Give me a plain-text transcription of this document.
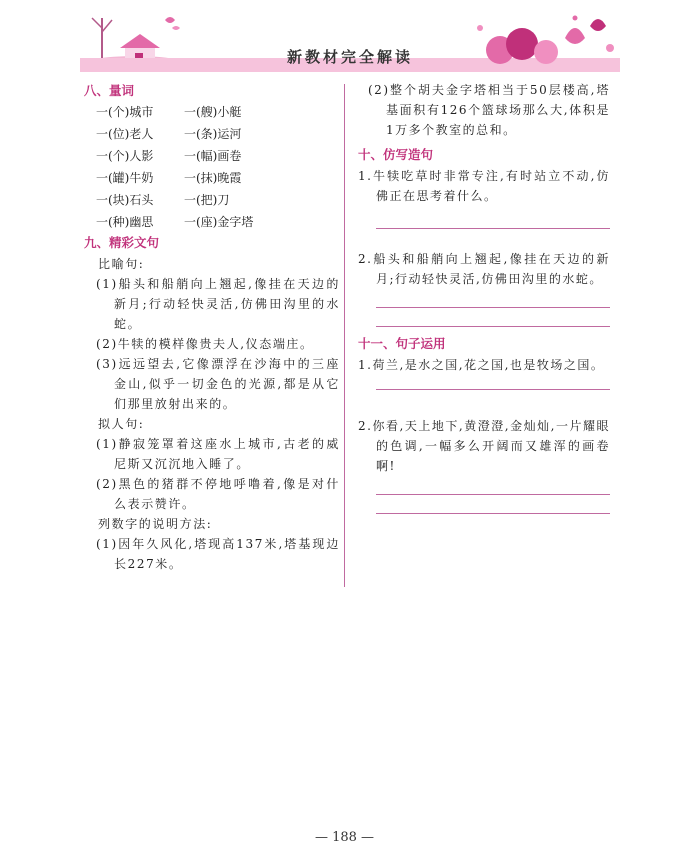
新教材完全解读
八、量词
一(个)城市	一(艘)小艇
一(位)老人	一(条)运河
一(个)人影	一(幅)画卷
一(罐)牛奶	一(抹)晚霞
一(块)石头	一(把)刀
一(种)幽思	一(座)金字塔
九、精彩文句
比喻句:
(1)船头和船艄向上翘起,像挂在天边的新月;行动轻快灵活,仿佛田沟里的水蛇。
(2)牛犊的模样像贵夫人,仪态端庄。
(3)远远望去,它像漂浮在沙海中的三座金山,似乎一切金色的光源,都是从它们那里放射出来的。
拟人句:
(1)静寂笼罩着这座水上城市,古老的威尼斯又沉沉地入睡了。
(2)黑色的猪群不停地呼噜着,像是对什么表示赞许。
列数字的说明方法:
(1)因年久风化,塔现高137米,塔基现边长227米。
(2)整个胡夫金字塔相当于50层楼高,塔基面积有126个篮球场那么大,体积是1万多个教室的总和。
十、仿写造句
1.牛犊吃草时非常专注,有时站立不动,仿佛正在思考着什么。
2.船头和船艄向上翘起,像挂在天边的新月;行动轻快灵活,仿佛田沟里的水蛇。
十一、句子运用
1.荷兰,是水之国,花之国,也是牧场之国。
2.你看,天上地下,黄澄澄,金灿灿,一片耀眼的色调,一幅多么开阔而又雄浑的画卷啊!
— 188 —
